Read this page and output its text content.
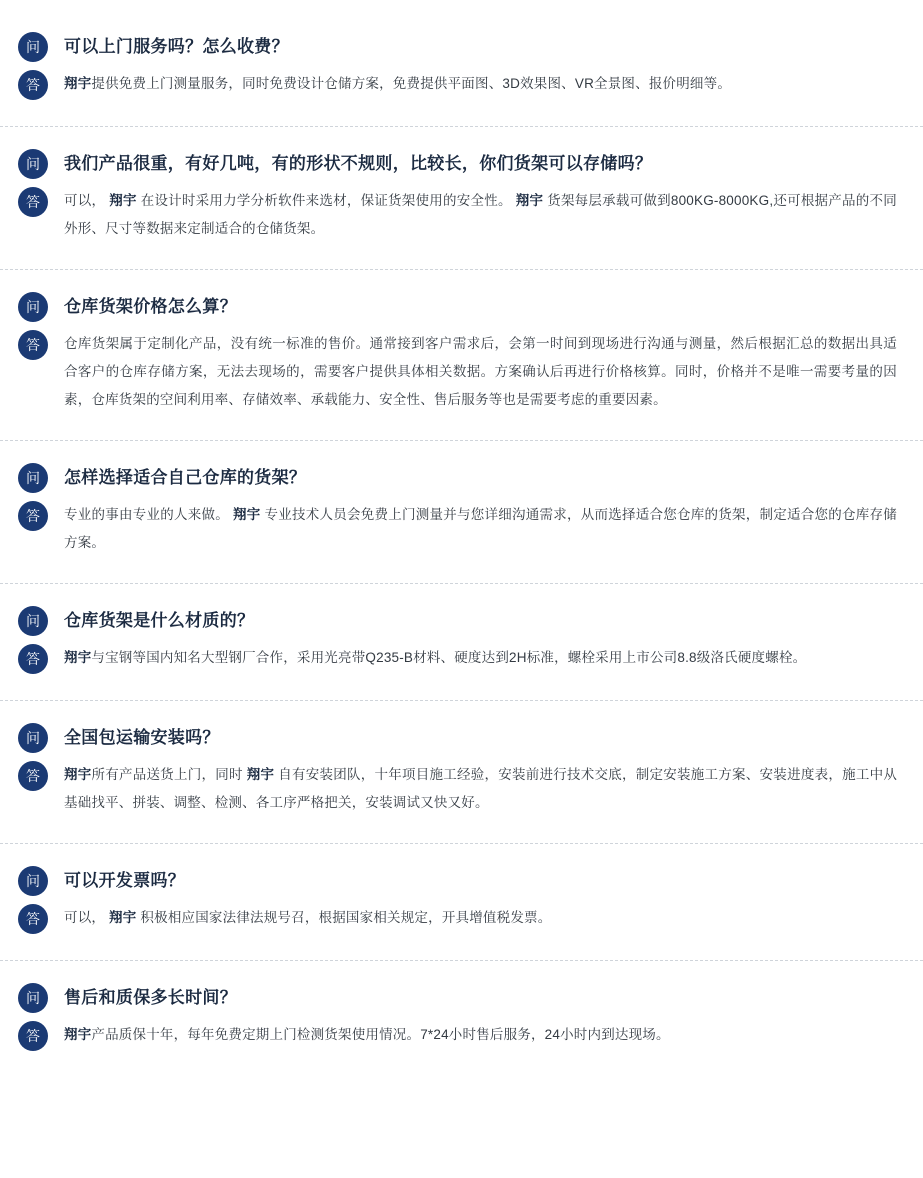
问	可以上门服务吗？怎么收费？
答	翔宇提供免费上门测量服务，同时免费设计仓储方案，免费提供平面图、3D效果图、VR全景图、报价明细等。
问	我们产品很重，有好几吨，有的形状不规则，比较长，你们货架可以存储吗？
答	可以， 翔宇 在设计时采用力学分析软件来选材，保证货架使用的安全性。 翔宇 货架每层承载可做到800KG-8000KG,还可根据产品的不同外形、尺寸等数据来定制适合的仓储货架。
问	仓库货架价格怎么算？
答	仓库货架属于定制化产品，没有统一标准的售价。通常接到客户需求后，会第一时间到现场进行沟通与测量，然后根据汇总的数据出具适合客户的仓库存储方案，无法去现场的，需要客户提供具体相关数据。方案确认后再进行价格核算。同时，价格并不是唯一需要考量的因素，仓库货架的空间利用率、存储效率、承载能力、安全性、售后服务等也是需要考虑的重要因素。
问	怎样选择适合自己仓库的货架？
答	专业的事由专业的人来做。 翔宇 专业技术人员会免费上门测量并与您详细沟通需求，从而选择适合您仓库的货架，制定适合您的仓库存储方案。
问	仓库货架是什么材质的？
答	翔宇与宝钢等国内知名大型钢厂合作，采用光亮带Q235-B材料、硬度达到2H标准，螺栓采用上市公司8.8级洛氏硬度螺栓。
问	全国包运输安装吗？
答	翔宇所有产品送货上门，同时 翔宇 自有安装团队，十年项目施工经验，安装前进行技术交底，制定安装施工方案、安装进度表，施工中从基础找平、拼装、调整、检测、各工序严格把关，安装调试又快又好。
问	可以开发票吗？
答	可以， 翔宇 积极相应国家法律法规号召，根据国家相关规定，开具增值税发票。
问	售后和质保多长时间？
答	翔宇产品质保十年，每年免费定期上门检测货架使用情况。7*24小时售后服务，24小时内到达现场。
